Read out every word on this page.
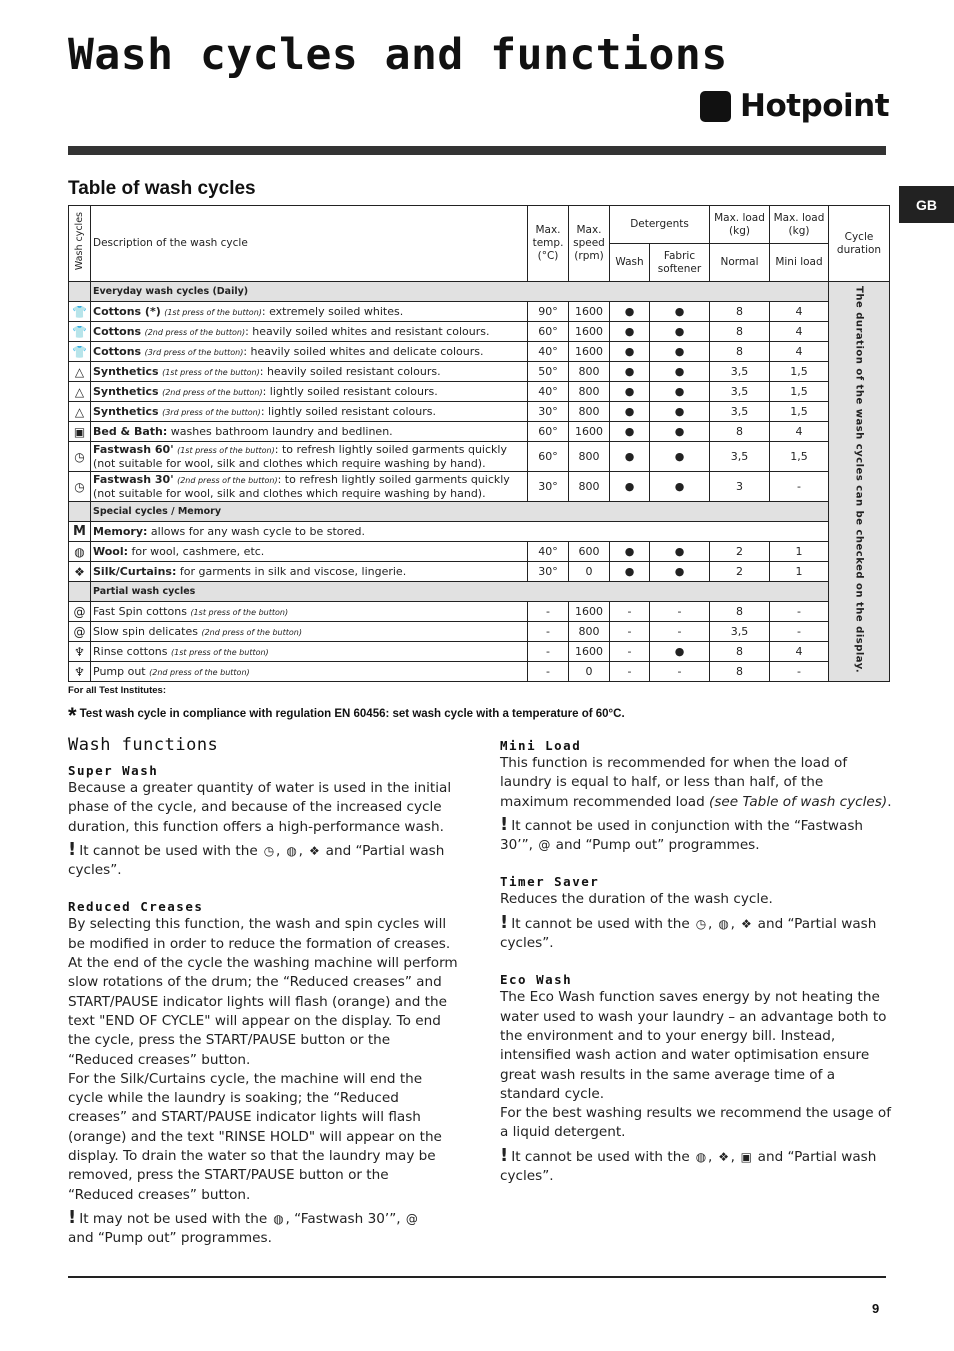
Wash cycles and functions
Hotpoint
GB
Table of wash cycles
Wash cycles	Description of the wash cycle	Max. temp. (°C)	Max. speed (rpm)	Detergents		Max. load (kg)	Max. load (kg)	Cycle duration
				Wash	Fabric softener	Normal	Mini load	
	Everyday wash cycles (Daily)							The duration of the wash cycles can be checked on the display.
👕	Cottons (*) (1st press of the button): extremely soiled whites.	90°	1600	●	●	8	4	
👕	Cottons (2nd press of the button): heavily soiled whites and resistant colours.	60°	1600	●	●	8	4	
👕	Cottons (3rd press of the button): heavily soiled whites and delicate colours.	40°	1600	●	●	8	4	
△	Synthetics (1st press of the button): heavily soiled resistant colours.	50°	800	●	●	3,5	1,5	
△	Synthetics (2nd press of the button): lightly soiled resistant colours.	40°	800	●	●	3,5	1,5	
△	Synthetics (3rd press of the button): lightly soiled resistant colours.	30°	800	●	●	3,5	1,5	
▣	Bed & Bath: washes bathroom laundry and bedlinen.	60°	1600	●	●	8	4	
◷	Fastwash 60' (1st press of the button): to refresh lightly soiled garments quickly (not suitable for wool, silk and clothes which require washing by hand).	60°	800	●	●	3,5	1,5	
◷	Fastwash 30' (2nd press of the button): to refresh lightly soiled garments quickly (not suitable for wool, silk and clothes which require washing by hand).	30°	800	●	●	3	-	
	Special cycles / Memory							
M	Memory: allows for any wash cycle to be stored.							
◍	Wool: for wool, cashmere, etc.	40°	600	●	●	2	1	
❖	Silk/Curtains: for garments in silk and viscose, lingerie.	30°	0	●	●	2	1	
	Partial wash cycles							
@	Fast Spin cottons (1st press of the button)	-	1600	-	-	8	-	
@	Slow spin delicates (2nd press of the button)	-	800	-	-	3,5	-	
♆	Rinse cottons (1st press of the button)	-	1600	-	●	8	4	
♆	Pump out (2nd press of the button)	-	0	-	-	8	-	
For all Test Institutes:
* Test wash cycle in compliance with regulation EN 60456: set wash cycle with a temperature of 60°C.
Wash functions
Super Wash

Because a greater quantity of water is used in the initial phase of the cycle, and because of the increased cycle duration, this function offers a high-performance wash.

! It cannot be used with the ◷ , ◍ , ❖ and “Partial wash cycles”.

Reduced Creases

By selecting this function, the wash and spin cycles will be modified in order to reduce the formation of creases. At the end of the cycle the washing machine will perform slow rotations of the drum; the “Reduced creases” and START/PAUSE indicator lights will flash (orange) and the text "END OF CYCLE" will appear on the display. To end the cycle, press the START/PAUSE button or the “Reduced creases” button.

For the Silk/Curtains cycle, the machine will end the cycle while the laundry is soaking; the “Reduced creases” and START/PAUSE indicator lights will flash (orange) and the text "RINSE HOLD" will appear on the display. To drain the water so that the laundry may be removed, press the START/PAUSE button or the “Reduced creases” button.

! It may not be used with the ◍ , “Fastwash 30’”, @
and “Pump out” programmes.

Mini Load

This function is recommended for when the load of laundry is equal to half, or less than half, of the maximum recommended load (see Table of wash cycles).

! It cannot be used in conjunction with the “Fastwash 30’”, @ and “Pump out” programmes.

Timer Saver

Reduces the duration of the wash cycle.

! It cannot be used with the ◷ , ◍ , ❖ and “Partial wash cycles”.

Eco Wash

The Eco Wash function saves energy by not heating the water used to wash your laundry – an advantage both to the environment and to your energy bill. Instead, intensified wash action and water optimisation ensure great wash results in the same average time of a standard cycle.

For the best washing results we recommend the usage of a liquid detergent.

! It cannot be used with the ◍ , ❖ , ▣ and “Partial wash cycles”.

9
